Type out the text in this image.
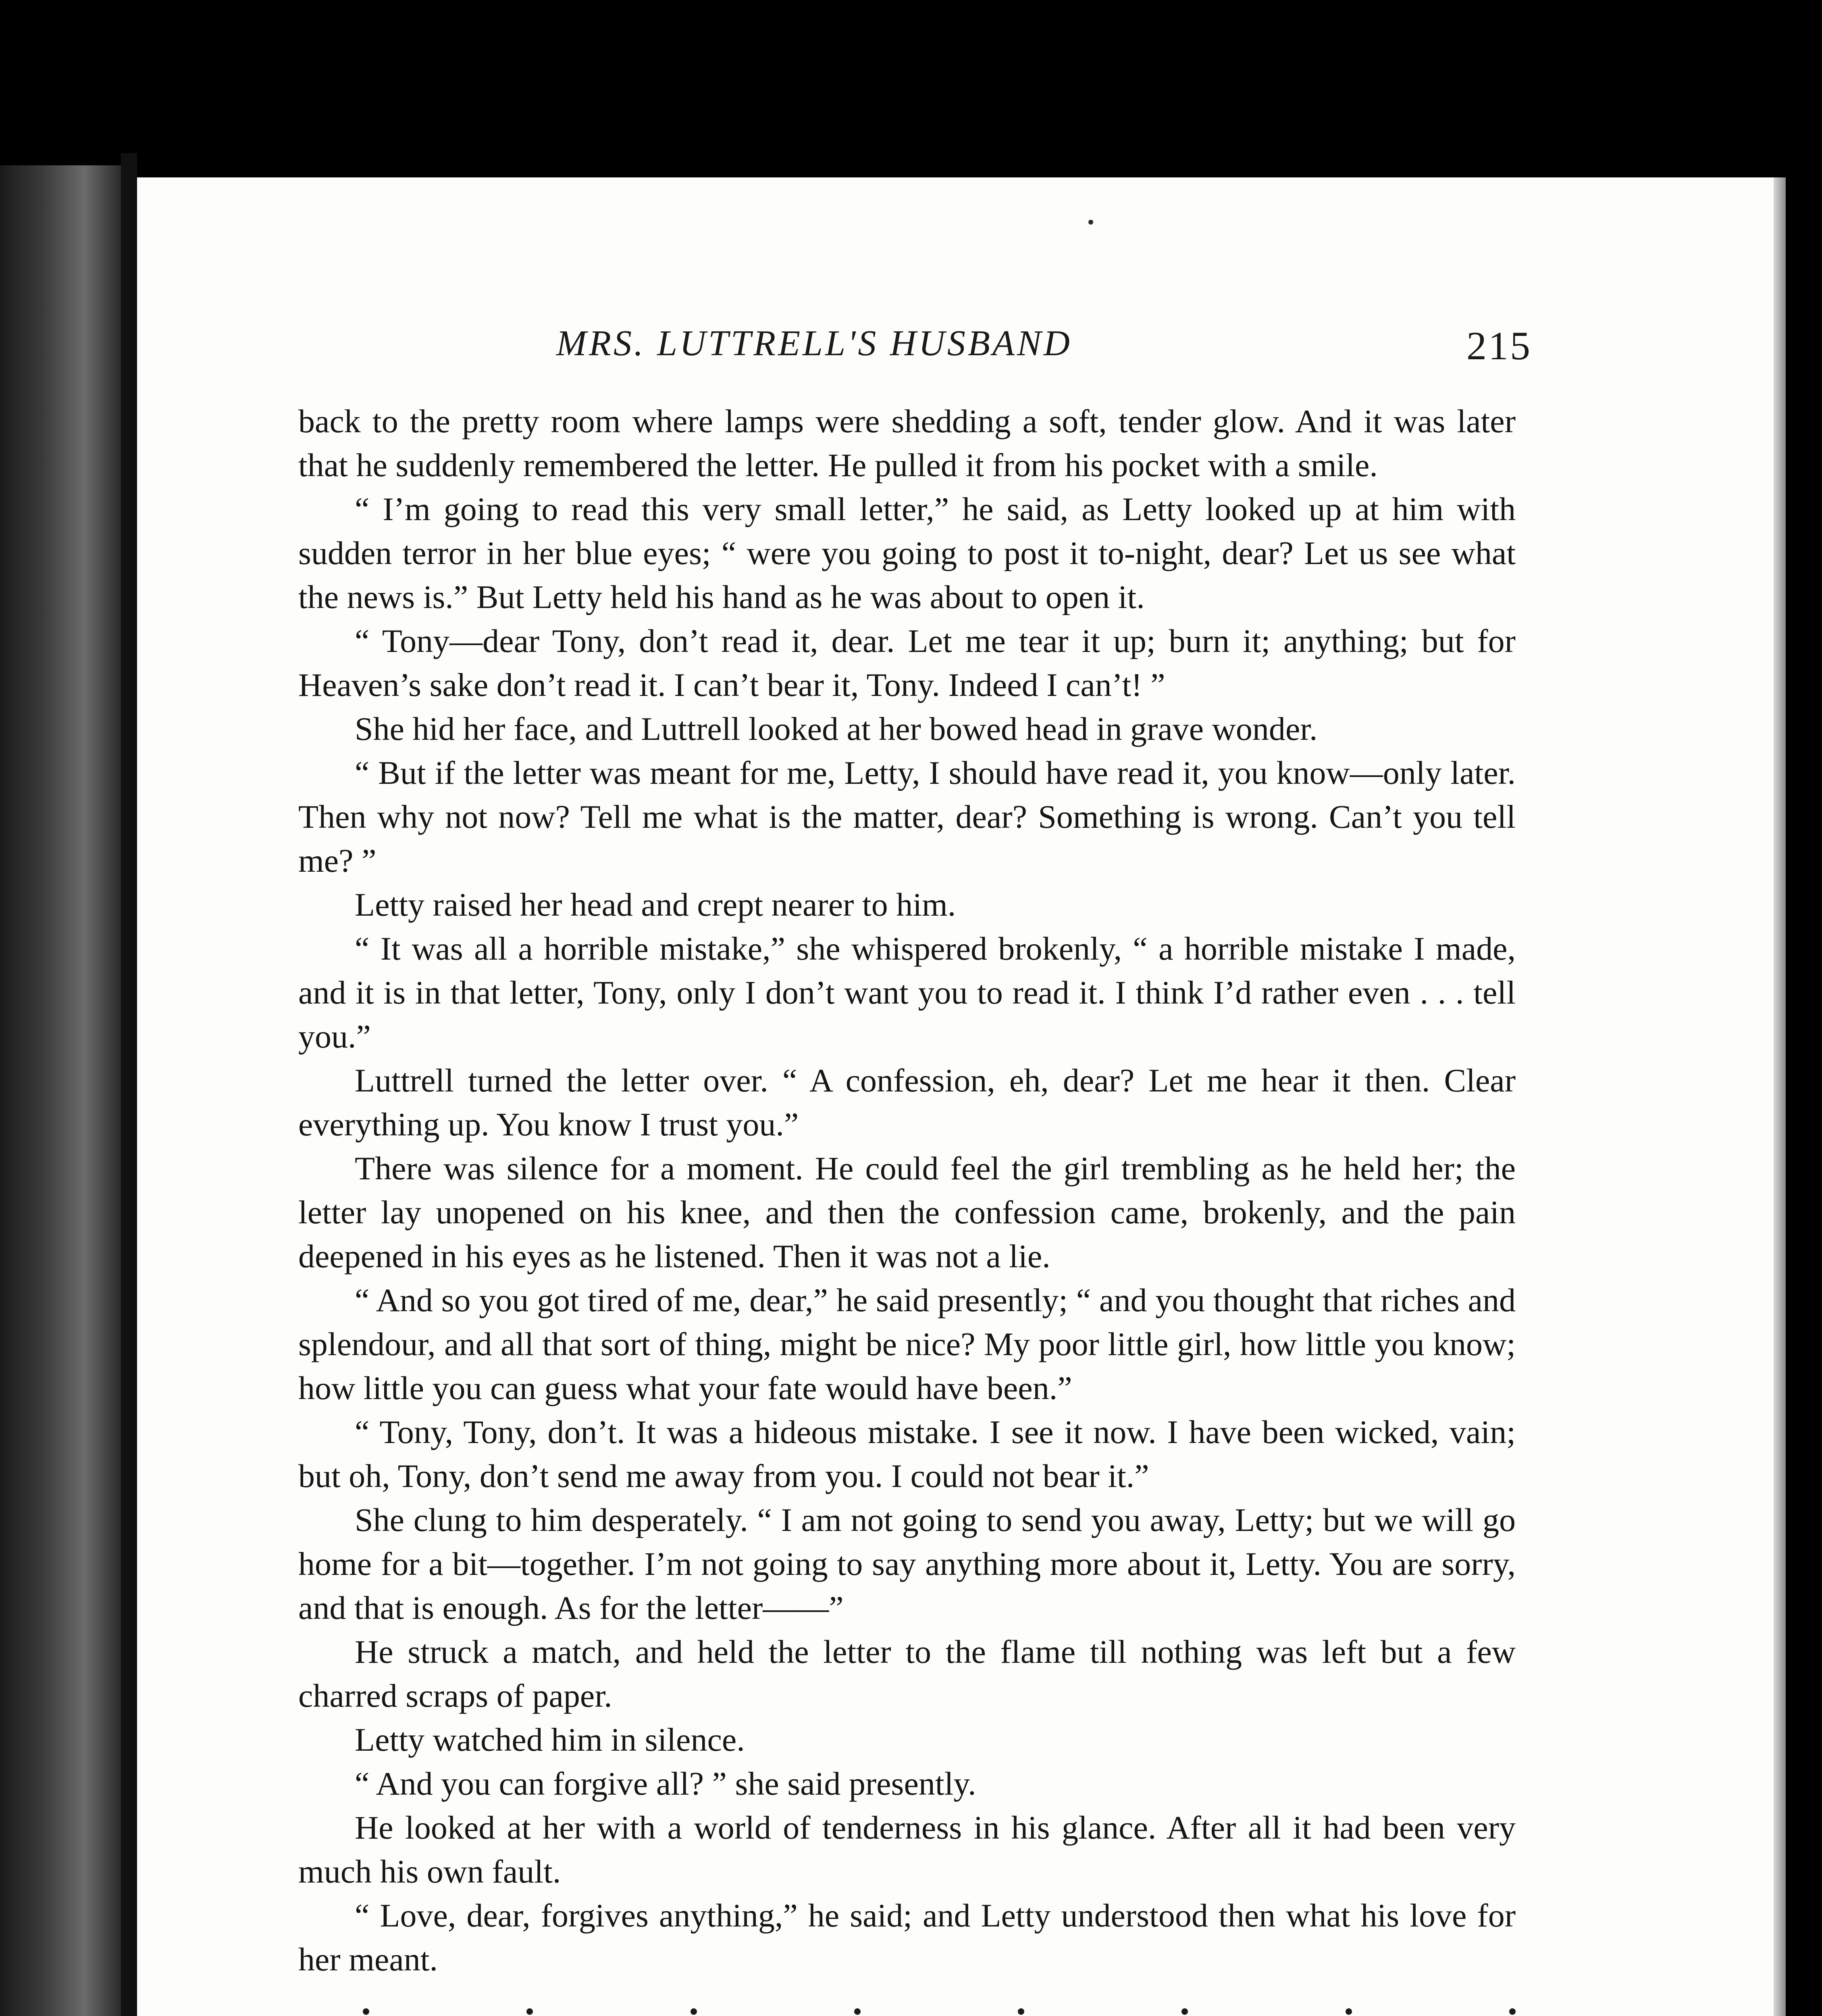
MRS. LUTTRELL'S HUSBAND	215

back to the pretty room where lamps were shedding a soft, tender glow. And it was later that he suddenly remembered the letter. He pulled it from his pocket with a smile.

“ I’m going to read this very small letter,” he said, as Letty looked up at him with sudden terror in her blue eyes; “ were you going to post it to-night, dear? Let us see what the news is.” But Letty held his hand as he was about to open it.

“ Tony—dear Tony, don’t read it, dear. Let me tear it up; burn it; anything; but for Heaven’s sake don’t read it. I can’t bear it, Tony. Indeed I can’t! ”

She hid her face, and Luttrell looked at her bowed head in grave wonder.

“ But if the letter was meant for me, Letty, I should have read it, you know—only later. Then why not now? Tell me what is the matter, dear? Something is wrong. Can’t you tell me? ”

Letty raised her head and crept nearer to him.

“ It was all a horrible mistake,” she whispered brokenly, “ a horrible mistake I made, and it is in that letter, Tony, only I don’t want you to read it. I think I’d rather even . . . tell you.”

Luttrell turned the letter over. “ A confession, eh, dear? Let me hear it then. Clear everything up. You know I trust you.”

There was silence for a moment. He could feel the girl trembling as he held her; the letter lay unopened on his knee, and then the confession came, brokenly, and the pain deepened in his eyes as he listened. Then it was not a lie.

“ And so you got tired of me, dear,” he said presently; “ and you thought that riches and splendour, and all that sort of thing, might be nice? My poor little girl, how little you know; how little you can guess what your fate would have been.”

“ Tony, Tony, don’t. It was a hideous mistake. I see it now. I have been wicked, vain; but oh, Tony, don’t send me away from you. I could not bear it.”

She clung to him desperately. “ I am not going to send you away, Letty; but we will go home for a bit—together. I’m not going to say anything more about it, Letty. You are sorry, and that is enough. As for the letter——”

He struck a match, and held the letter to the flame till nothing was left but a few charred scraps of paper.

Letty watched him in silence.

“ And you can forgive all? ” she said presently.

He looked at her with a world of tenderness in his glance. After all it had been very much his own fault.

“ Love, dear, forgives anything,” he said; and Letty understood then what his love for her meant.
